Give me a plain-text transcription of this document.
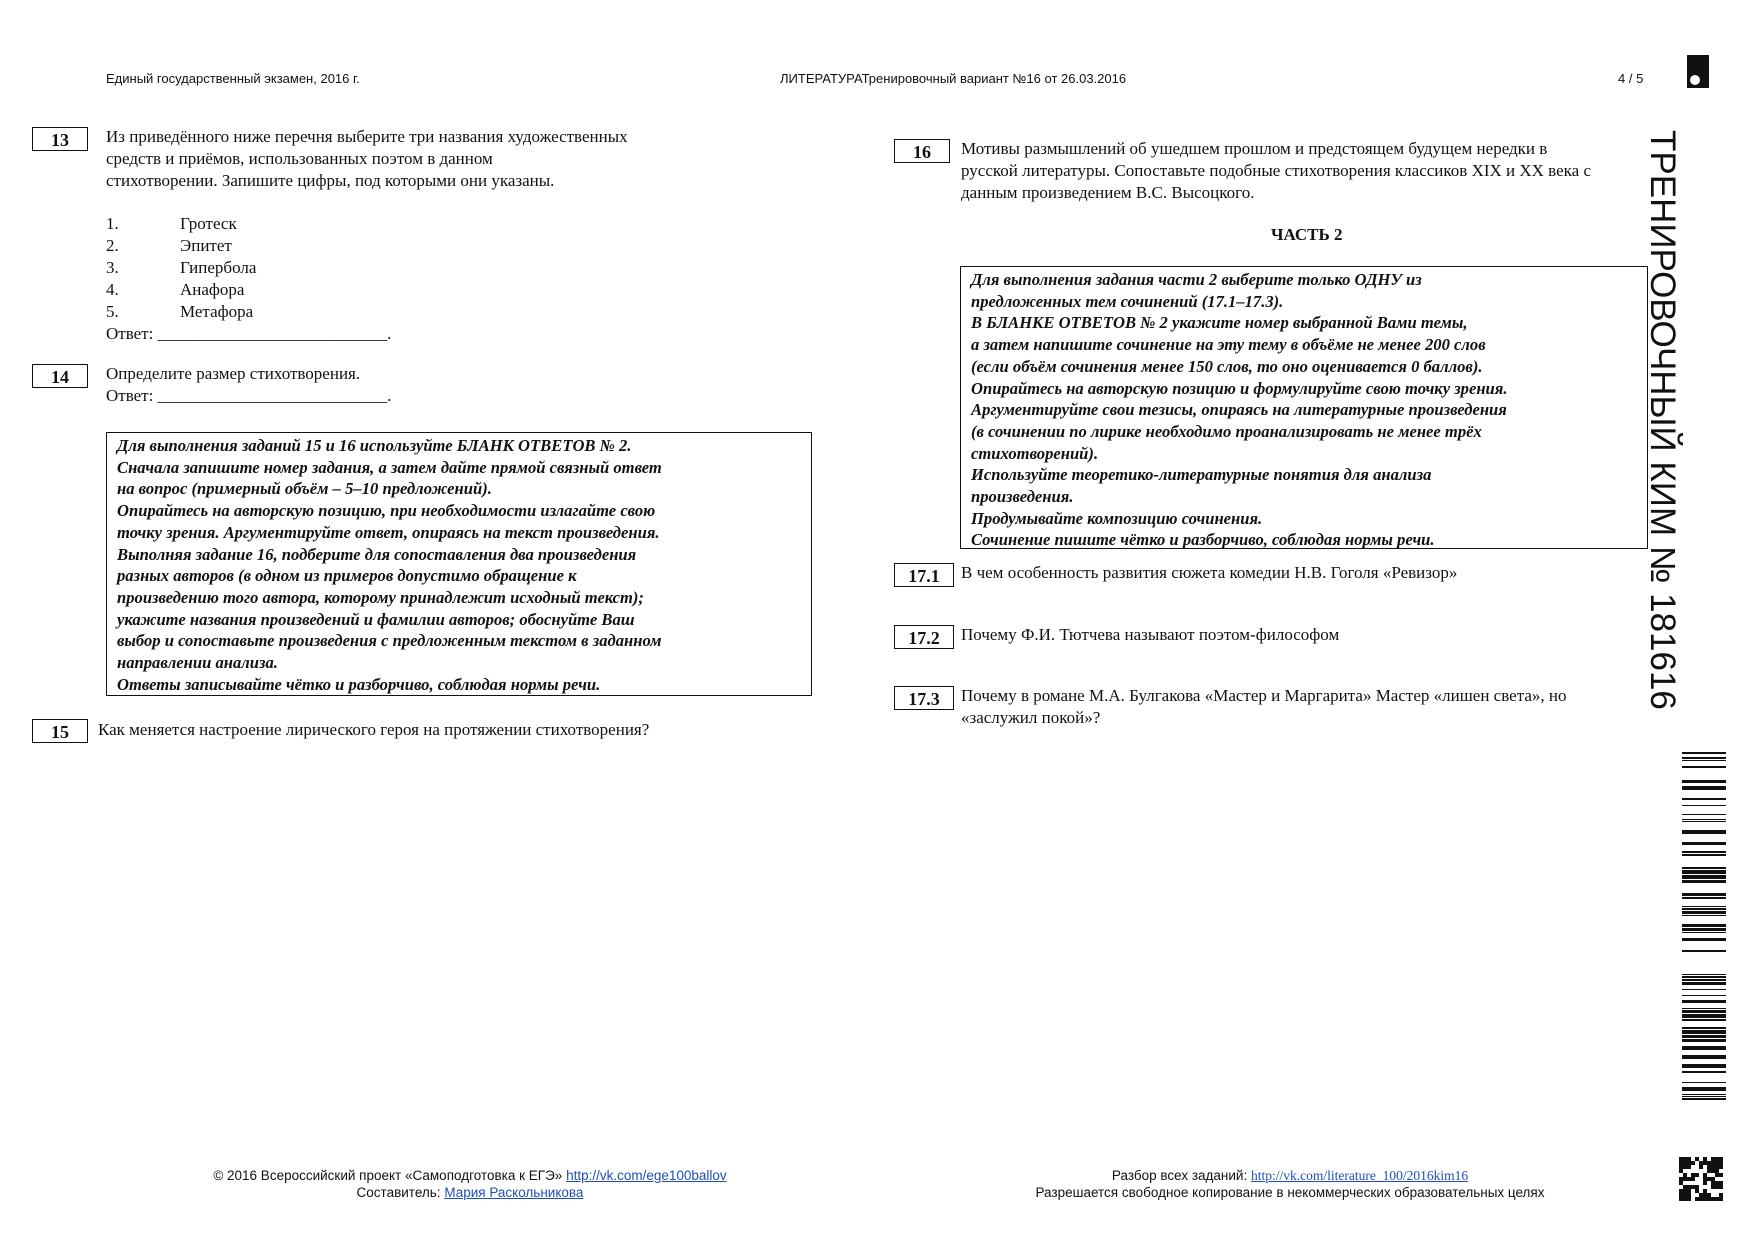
Единый государственный экзамен, 2016 г.	ЛИТЕРАТУРАТренировочный вариант №16 от 26.03.2016	4 / 5
13	Из приведённого ниже перечня выберите три названия художественных
средств и приёмов, использованных поэтом в данном
стихотворении. Запишите цифры, под которыми они указаны.
1.	Гротеск
2.	Эпитет
3.	Гипербола
4.	Анафора
5.	Метафора
Ответ: ___________________________.
14	Определите размер стихотворения.
Ответ: ___________________________.
Для выполнения заданий 15 и 16 используйте БЛАНК ОТВЕТОВ № 2.
Сначала запишите номер задания, а затем дайте прямой связный ответ
на вопрос (примерный объём – 5–10 предложений).
Опирайтесь на авторскую позицию, при необходимости излагайте свою
точку зрения. Аргументируйте ответ, опираясь на текст произведения.
Выполняя задание 16, подберите для сопоставления два произведения
разных авторов (в одном из примеров допустимо обращение к
произведению того автора, которому принадлежит исходный текст);
укажите названия произведений и фамилии авторов; обоснуйте Ваш
выбор и сопоставьте произведения с предложенным текстом в заданном
направлении анализа.
Ответы записывайте чётко и разборчиво, соблюдая нормы речи.
15	Как меняется настроение лирического героя на протяжении стихотворения?
16	Мотивы размышлений об ушедшем прошлом и предстоящем будущем нередки в
русской литературы. Сопоставьте подобные стихотворения классиков XIX и XX века с
данным произведением В.С. Высоцкого.
ЧАСТЬ 2
Для выполнения задания части 2 выберите только ОДНУ из
предложенных тем сочинений (17.1–17.3).
В БЛАНКЕ ОТВЕТОВ № 2 укажите номер выбранной Вами темы,
а затем напишите сочинение на эту тему в объёме не менее 200 слов
(если объём сочинения менее 150 слов, то оно оценивается 0 баллов).
Опирайтесь на авторскую позицию и формулируйте свою точку зрения.
Аргументируйте свои тезисы, опираясь на литературные произведения
(в сочинении по лирике необходимо проанализировать не менее трёх
стихотворений).
Используйте теоретико-литературные понятия для анализа
произведения.
Продумывайте композицию сочинения.
Сочинение пишите чётко и разборчиво, соблюдая нормы речи.
17.1	В чем особенность развития сюжета комедии Н.В. Гоголя «Ревизор»
17.2	Почему Ф.И. Тютчева называют поэтом-философом
17.3	Почему в романе М.А. Булгакова «Мастер и Маргарита» Мастер «лишен света», но
«заслужил покой»?
ТРЕНИРОВОЧНЫЙ КИМ № 181616
© 2016 Всероссийский проект «Самоподготовка к ЕГЭ» http://vk.com/ege100ballov
Составитель: Мария Раскольникова
Разбор всех заданий: http://vk.com/literature_100/2016kim16
Разрешается свободное копирование в некоммерческих образовательных целях
